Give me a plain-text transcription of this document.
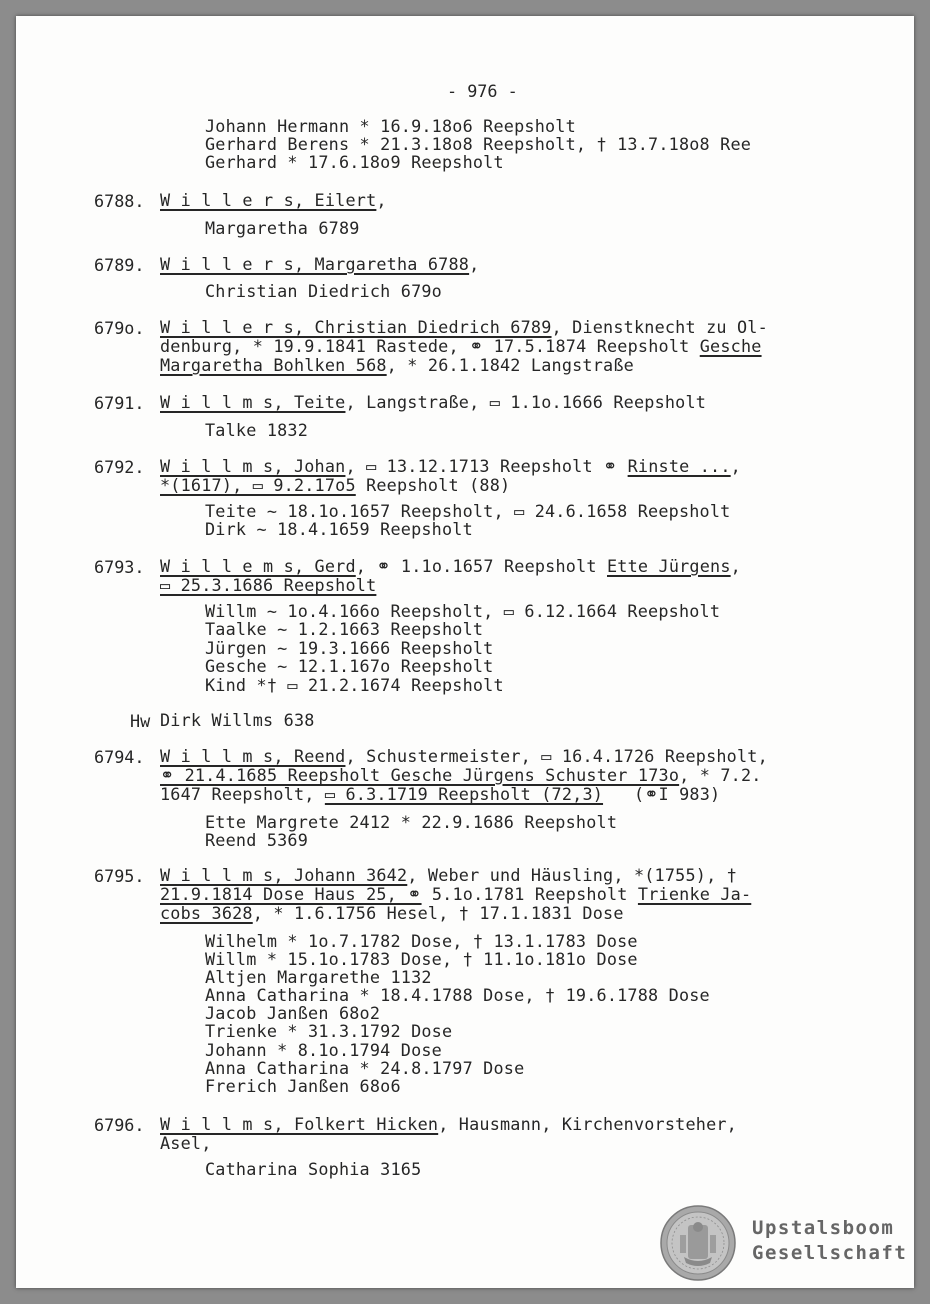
- 976 -
Johann Hermann * 16.9.18o6 Reepsholt
Gerhard Berens * 21.3.18o8 Reepsholt, † 13.7.18o8 Ree
Gerhard * 17.6.18o9 Reepsholt
6788. W i l l e r s, Eilert,
Margaretha 6789
6789. W i l l e r s, Margaretha 6788,
Christian Diedrich 679o
679o. W i l l e r s, Christian Diedrich 6789, Dienstknecht zu Ol-
denburg, * 19.9.1841 Rastede, ⚭ 17.5.1874 Reepsholt Gesche
Margaretha Bohlken 568, * 26.1.1842 Langstraße
6791. W i l l m s, Teite, Langstraße, ▭ 1.1o.1666 Reepsholt
Talke 1832
6792. W i l l m s, Johan, ▭ 13.12.1713 Reepsholt ⚭ Rinste ...,
*(1617), ▭ 9.2.17o5 Reepsholt (88)
Teite ~ 18.1o.1657 Reepsholt, ▭ 24.6.1658 Reepsholt
Dirk ~ 18.4.1659 Reepsholt
6793. W i l l e m s, Gerd, ⚭ 1.1o.1657 Reepsholt Ette Jürgens,
▭ 25.3.1686 Reepsholt
Willm ~ 1o.4.166o Reepsholt, ▭ 6.12.1664 Reepsholt
Taalke ~ 1.2.1663 Reepsholt
Jürgen ~ 19.3.1666 Reepsholt
Gesche ~ 12.1.167o Reepsholt
Kind *† ▭ 21.2.1674 Reepsholt
Hw Dirk Willms 638
6794. W i l l m s, Reend, Schustermeister, ▭ 16.4.1726 Reepsholt,
⚭ 21.4.1685 Reepsholt Gesche Jürgens Schuster 173o, * 7.2.
1647 Reepsholt, ▭ 6.3.1719 Reepsholt (72,3)   (⚭I 983)
Ette Margrete 2412 * 22.9.1686 Reepsholt
Reend 5369
6795. W i l l m s, Johann 3642, Weber und Häusling, *(1755), †
21.9.1814 Dose Haus 25, ⚭ 5.1o.1781 Reepsholt Trienke Ja-
cobs 3628, * 1.6.1756 Hesel, † 17.1.1831 Dose
Wilhelm * 1o.7.1782 Dose, † 13.1.1783 Dose
Willm * 15.1o.1783 Dose, † 11.1o.181o Dose
Altjen Margarethe 1132
Anna Catharina * 18.4.1788 Dose, † 19.6.1788 Dose
Jacob Janßen 68o2
Trienke * 31.3.1792 Dose
Johann * 8.1o.1794 Dose
Anna Catharina * 24.8.1797 Dose
Frerich Janßen 68o6
6796. W i l l m s, Folkert Hicken, Hausmann, Kirchenvorsteher,
Asel,
Catharina Sophia 3165
Upstalsboom
Gesellschaft
